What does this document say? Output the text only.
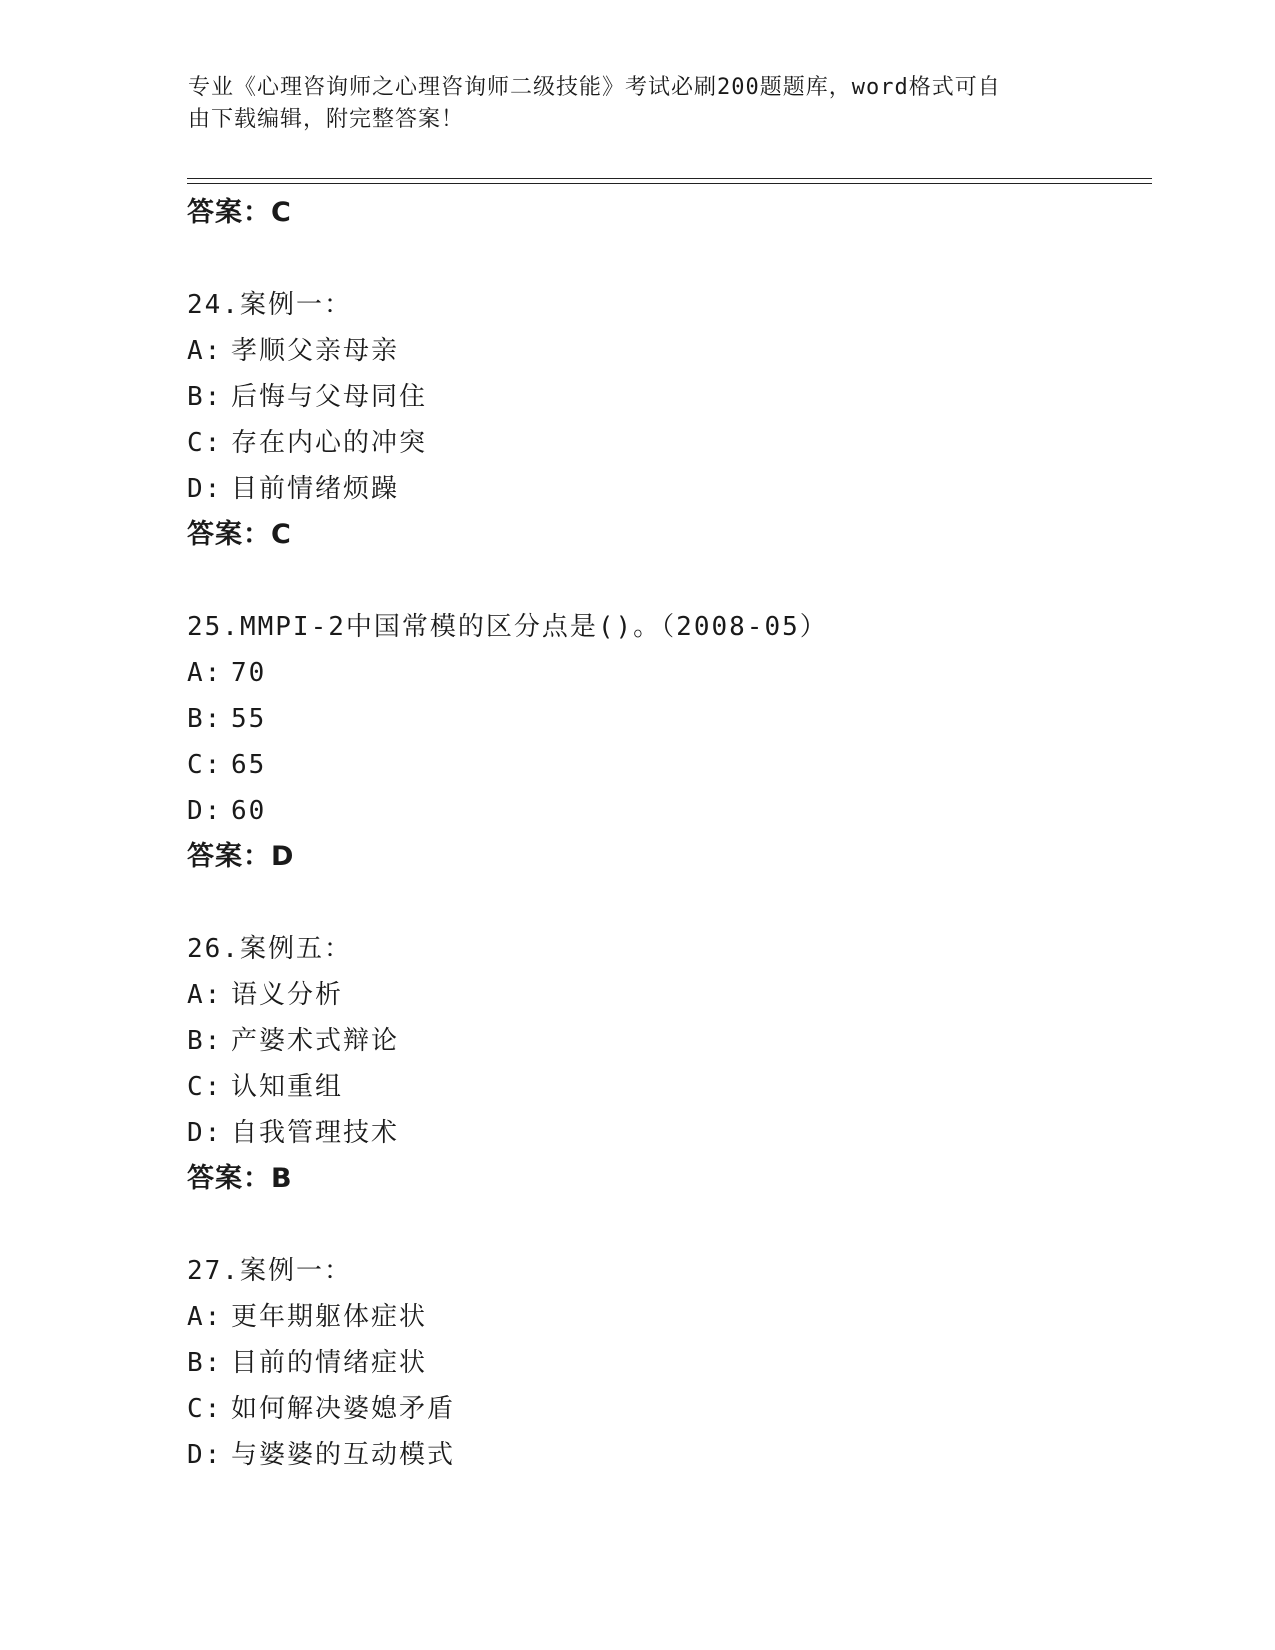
专业《心理咨询师之心理咨询师二级技能》考试必刷200题题库，word格式可自
由下载编辑，附完整答案！
答案：C
24.案例一：
A: 孝顺父亲母亲
B: 后悔与父母同住
C: 存在内心的冲突
D: 目前情绪烦躁
答案：C
25.MMPI-2中国常模的区分点是()。（2008-05）
A: 70
B: 55
C: 65
D: 60
答案：D
26.案例五：
A: 语义分析
B: 产婆术式辩论
C: 认知重组
D: 自我管理技术
答案：B
27.案例一：
A: 更年期躯体症状
B: 目前的情绪症状
C: 如何解决婆媳矛盾
D: 与婆婆的互动模式
